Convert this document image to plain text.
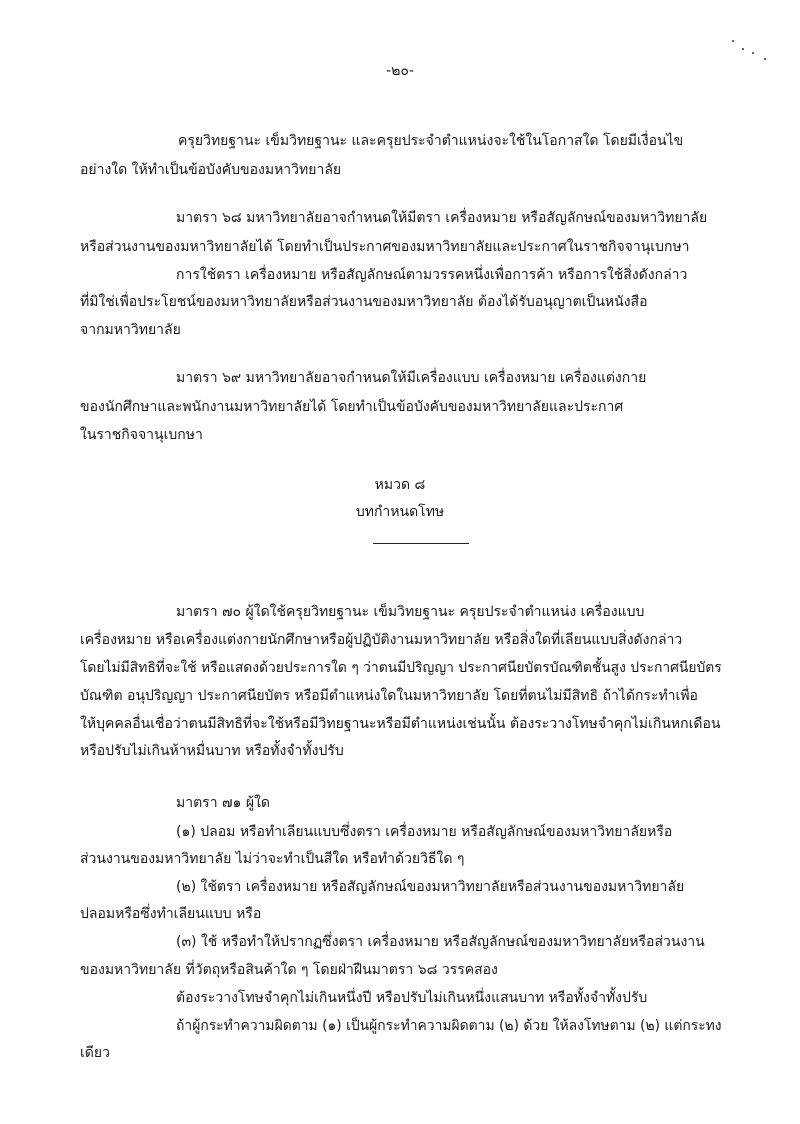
-๒๐-
ครุยวิทยฐานะ เข็มวิทยฐานะ และครุยประจำตำแหน่งจะใช้ในโอกาสใด โดยมีเงื่อนไข
อย่างใด ให้ทำเป็นข้อบังคับของมหาวิทยาลัย
มาตรา ๖๘ มหาวิทยาลัยอาจกำหนดให้มีตรา เครื่องหมาย หรือสัญลักษณ์ของมหาวิทยาลัย
หรือส่วนงานของมหาวิทยาลัยได้ โดยทำเป็นประกาศของมหาวิทยาลัยและประกาศในราชกิจจานุเบกษา
การใช้ตรา เครื่องหมาย หรือสัญลักษณ์ตามวรรคหนึ่งเพื่อการค้า หรือการใช้สิ่งดังกล่าว
ที่มิใช่เพื่อประโยชน์ของมหาวิทยาลัยหรือส่วนงานของมหาวิทยาลัย ต้องได้รับอนุญาตเป็นหนังสือ
จากมหาวิทยาลัย
มาตรา ๖๙ มหาวิทยาลัยอาจกำหนดให้มีเครื่องแบบ เครื่องหมาย เครื่องแต่งกาย
ของนักศึกษาและพนักงานมหาวิทยาลัยได้ โดยทำเป็นข้อบังคับของมหาวิทยาลัยและประกาศ
ในราชกิจจานุเบกษา
หมวด ๘
บทกำหนดโทษ
มาตรา ๗๐ ผู้ใดใช้ครุยวิทยฐานะ เข็มวิทยฐานะ ครุยประจำตำแหน่ง เครื่องแบบ
เครื่องหมาย หรือเครื่องแต่งกายนักศึกษาหรือผู้ปฏิบัติงานมหาวิทยาลัย หรือสิ่งใดที่เลียนแบบสิ่งดังกล่าว
โดยไม่มีสิทธิที่จะใช้ หรือแสดงด้วยประการใด ๆ ว่าตนมีปริญญา ประกาศนียบัตรบัณฑิตชั้นสูง ประกาศนียบัตร
บัณฑิต อนุปริญญา ประกาศนียบัตร หรือมีตำแหน่งใดในมหาวิทยาลัย โดยที่ตนไม่มีสิทธิ ถ้าได้กระทำเพื่อ
ให้บุคคลอื่นเชื่อว่าตนมีสิทธิที่จะใช้หรือมีวิทยฐานะหรือมีตำแหน่งเช่นนั้น ต้องระวางโทษจำคุกไม่เกินหกเดือน
หรือปรับไม่เกินห้าหมื่นบาท หรือทั้งจำทั้งปรับ
มาตรา ๗๑ ผู้ใด
(๑) ปลอม หรือทำเลียนแบบซึ่งตรา เครื่องหมาย หรือสัญลักษณ์ของมหาวิทยาลัยหรือ
ส่วนงานของมหาวิทยาลัย ไม่ว่าจะทำเป็นสีใด หรือทำด้วยวิธีใด ๆ
(๒) ใช้ตรา เครื่องหมาย หรือสัญลักษณ์ของมหาวิทยาลัยหรือส่วนงานของมหาวิทยาลัย
ปลอมหรือซึ่งทำเลียนแบบ หรือ
(๓) ใช้ หรือทำให้ปรากฏซึ่งตรา เครื่องหมาย หรือสัญลักษณ์ของมหาวิทยาลัยหรือส่วนงาน
ของมหาวิทยาลัย ที่วัตถุหรือสินค้าใด ๆ โดยฝ่าฝืนมาตรา ๖๘ วรรคสอง
ต้องระวางโทษจำคุกไม่เกินหนึ่งปี หรือปรับไม่เกินหนึ่งแสนบาท หรือทั้งจำทั้งปรับ
ถ้าผู้กระทำความผิดตาม (๑) เป็นผู้กระทำความผิดตาม (๒) ด้วย ให้ลงโทษตาม (๒) แต่กระทง
เดียว
